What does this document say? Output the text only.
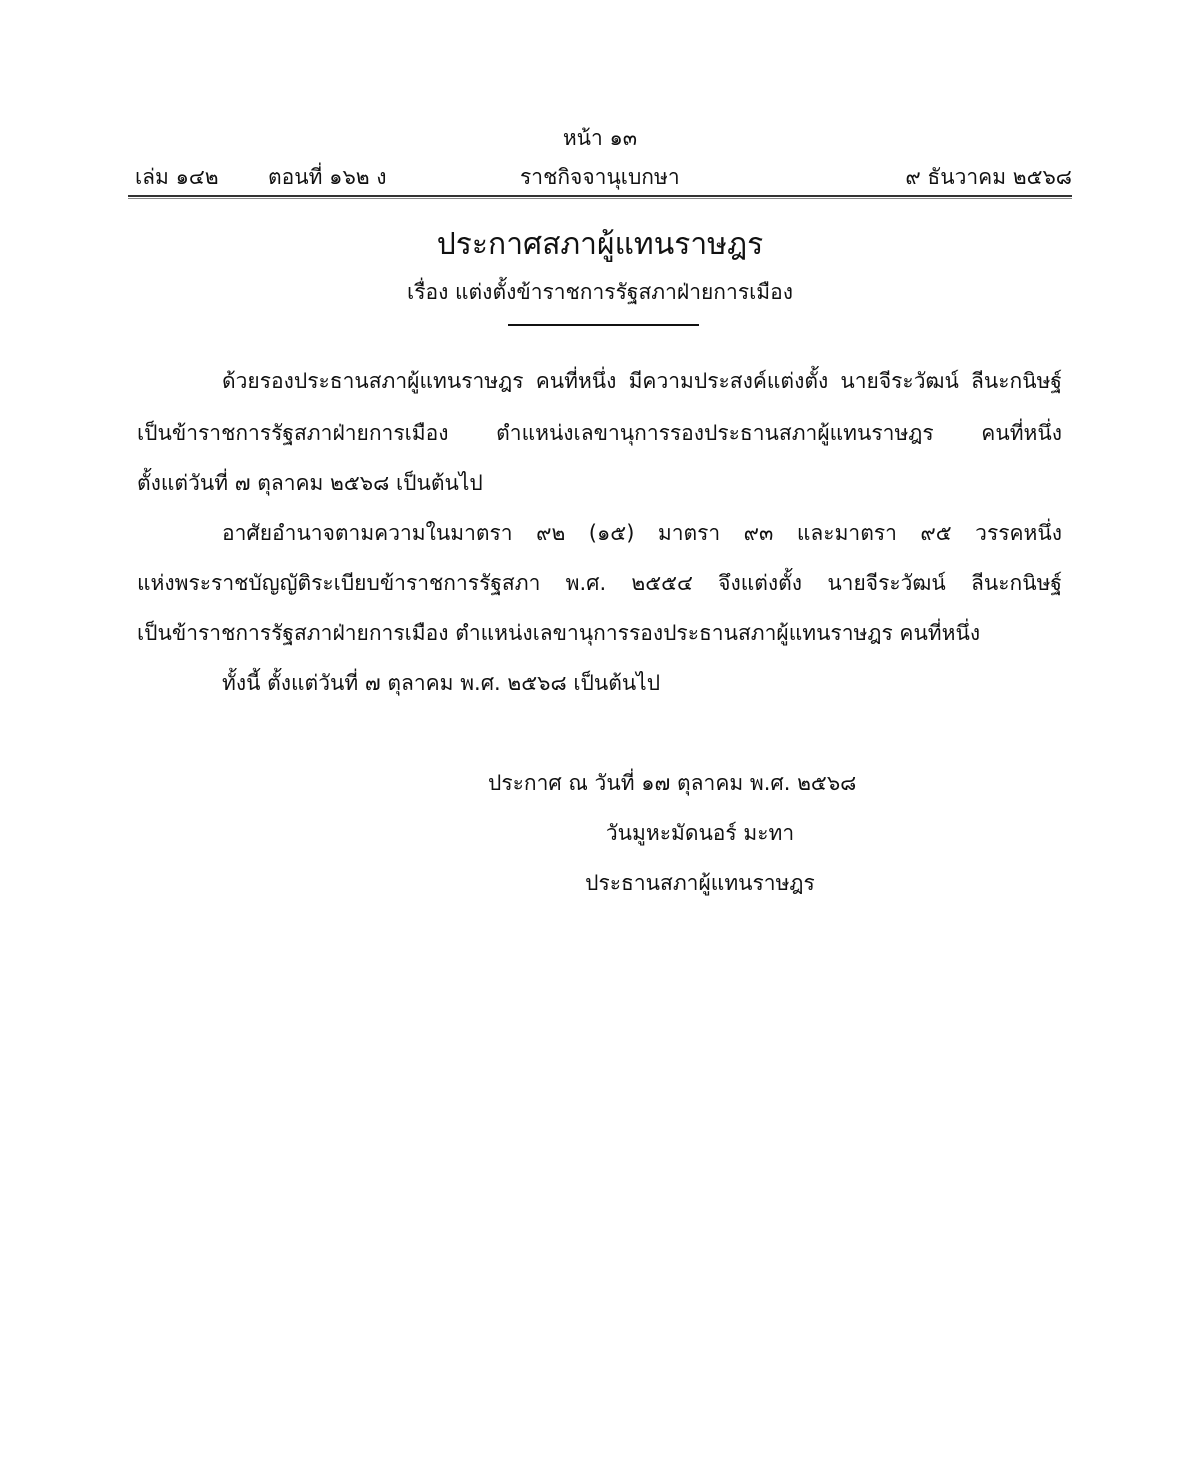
หน้า ๑๓
เล่ม ๑๔๒ ตอนที่ ๑๖๒ ง	ราชกิจจานุเบกษา	๙ ธันวาคม ๒๕๖๘
ประกาศสภาผู้แทนราษฎร
เรื่อง แต่งตั้งข้าราชการรัฐสภาฝ่ายการเมือง
ด้วยรองประธานสภาผู้แทนราษฎร คนที่หนึ่ง มีความประสงค์แต่งตั้ง นายจีระวัฒน์ ลีนะกนิษฐ์
เป็นข้าราชการรัฐสภาฝ่ายการเมือง ตำแหน่งเลขานุการรองประธานสภาผู้แทนราษฎร คนที่หนึ่ง
ตั้งแต่วันที่ ๗ ตุลาคม ๒๕๖๘ เป็นต้นไป
อาศัยอำนาจตามความในมาตรา ๙๒ (๑๕) มาตรา ๙๓ และมาตรา ๙๕ วรรคหนึ่ง
แห่งพระราชบัญญัติระเบียบข้าราชการรัฐสภา พ.ศ. ๒๕๕๔ จึงแต่งตั้ง นายจีระวัฒน์ ลีนะกนิษฐ์
เป็นข้าราชการรัฐสภาฝ่ายการเมือง ตำแหน่งเลขานุการรองประธานสภาผู้แทนราษฎร คนที่หนึ่ง
ทั้งนี้ ตั้งแต่วันที่ ๗ ตุลาคม พ.ศ. ๒๕๖๘ เป็นต้นไป
ประกาศ ณ วันที่ ๑๗ ตุลาคม พ.ศ. ๒๕๖๘
วันมูหะมัดนอร์ มะทา
ประธานสภาผู้แทนราษฎร
